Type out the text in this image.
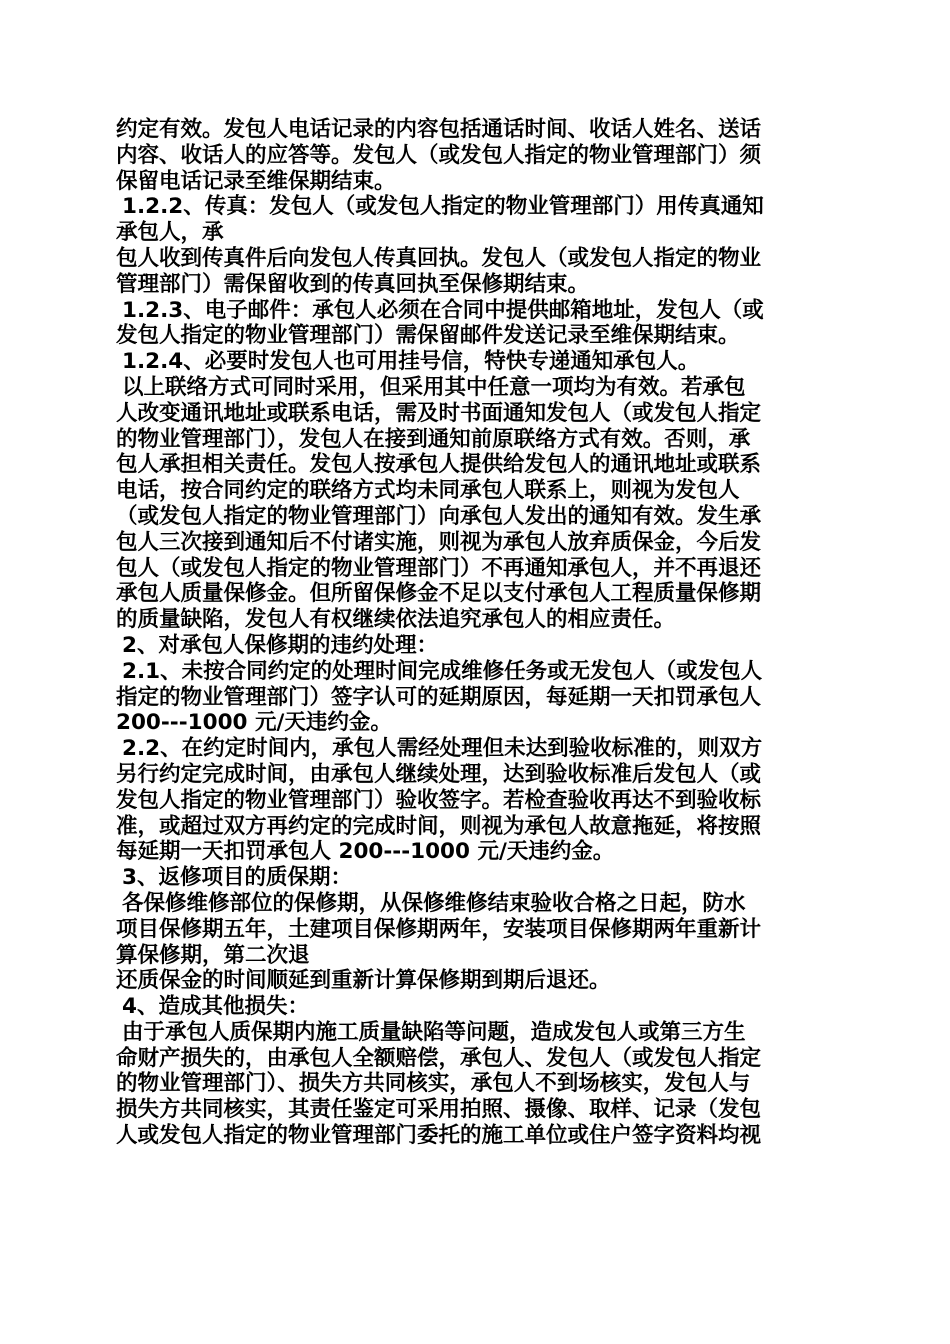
约定有效。发包人电话记录的内容包括通话时间、收话人姓名、送话
内容、收话人的应答等。发包人（或发包人指定的物业管理部门）须
保留电话记录至维保期结束。
1.2.2、传真：发包人（或发包人指定的物业管理部门）用传真通知
承包人，承
包人收到传真件后向发包人传真回执。发包人（或发包人指定的物业
管理部门）需保留收到的传真回执至保修期结束。
1.2.3、电子邮件：承包人必须在合同中提供邮箱地址，发包人（或
发包人指定的物业管理部门）需保留邮件发送记录至维保期结束。
1.2.4、必要时发包人也可用挂号信，特快专递通知承包人。
以上联络方式可同时采用，但采用其中任意一项均为有效。若承包
人改变通讯地址或联系电话，需及时书面通知发包人（或发包人指定
的物业管理部门），发包人在接到通知前原联络方式有效。否则，承
包人承担相关责任。发包人按承包人提供给发包人的通讯地址或联系
电话，按合同约定的联络方式均未同承包人联系上，则视为发包人
（或发包人指定的物业管理部门）向承包人发出的通知有效。发生承
包人三次接到通知后不付诸实施，则视为承包人放弃质保金，今后发
包人（或发包人指定的物业管理部门）不再通知承包人，并不再退还
承包人质量保修金。但所留保修金不足以支付承包人工程质量保修期
的质量缺陷，发包人有权继续依法追究承包人的相应责任。
2、对承包人保修期的违约处理：
2.1、未按合同约定的处理时间完成维修任务或无发包人（或发包人
指定的物业管理部门）签字认可的延期原因，每延期一天扣罚承包人
200---1000 元/天违约金。
2.2、在约定时间内，承包人需经处理但未达到验收标准的，则双方
另行约定完成时间，由承包人继续处理，达到验收标准后发包人（或
发包人指定的物业管理部门）验收签字。若检查验收再达不到验收标
准，或超过双方再约定的完成时间，则视为承包人故意拖延，将按照
每延期一天扣罚承包人 200---1000 元/天违约金。
3、返修项目的质保期：
各保修维修部位的保修期，从保修维修结束验收合格之日起，防水
项目保修期五年，土建项目保修期两年，安装项目保修期两年重新计
算保修期，第二次退
还质保金的时间顺延到重新计算保修期到期后退还。
4、造成其他损失：
由于承包人质保期内施工质量缺陷等问题，造成发包人或第三方生
命财产损失的，由承包人全额赔偿，承包人、发包人（或发包人指定
的物业管理部门）、损失方共同核实，承包人不到场核实，发包人与
损失方共同核实，其责任鉴定可采用拍照、摄像、取样、记录（发包
人或发包人指定的物业管理部门委托的施工单位或住户签字资料均视
